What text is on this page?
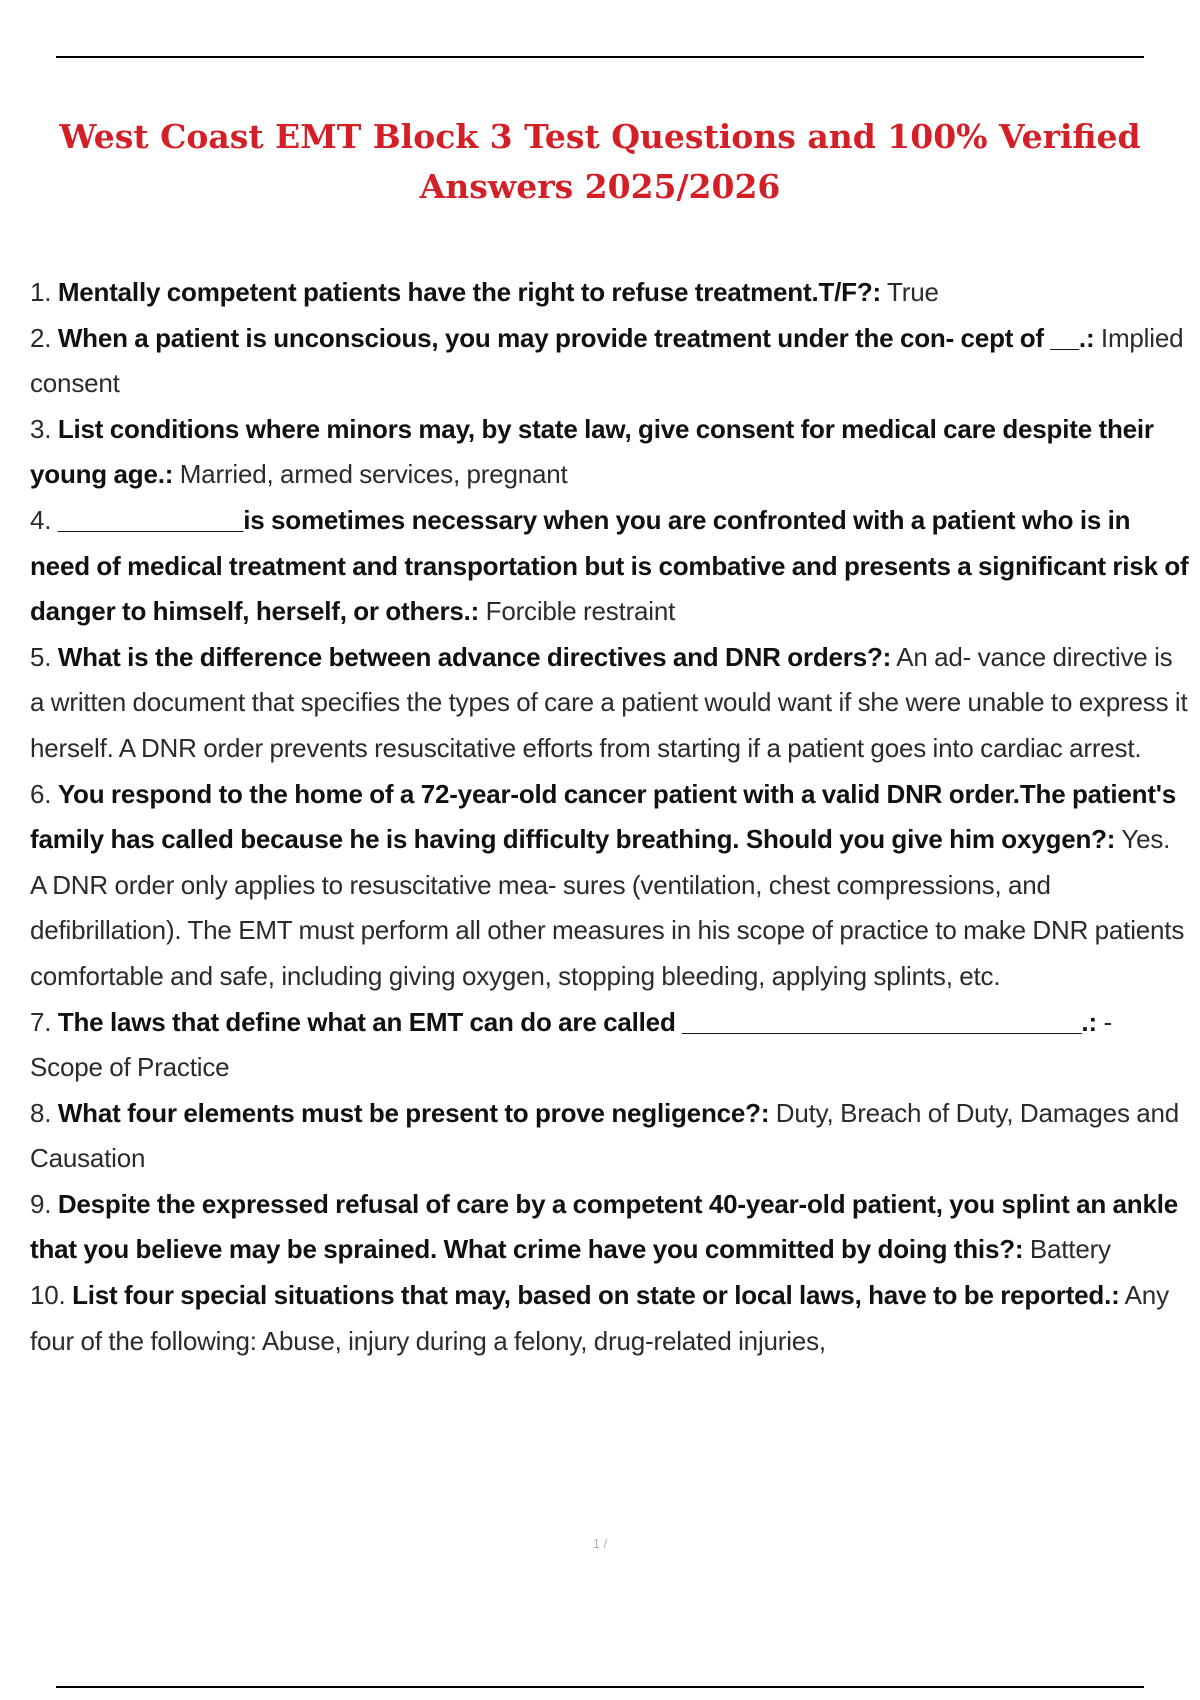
West Coast EMT Block 3 Test Questions and 100% Verified Answers 2025/2026

1. Mentally competent patients have the right to refuse treatment.T/F?: True

2. When a patient is unconscious, you may provide treatment under the con- cept of __.: Implied consent

3. List conditions where minors may, by state law, give consent for medical care despite their young age.: Married, armed services, pregnant

4. _____________is sometimes necessary when you are confronted with a patient who is in need of medical treatment and transportation but is combative and presents a significant risk of danger to himself, herself, or others.: Forcible restraint

5. What is the difference between advance directives and DNR orders?: An ad- vance directive is a written document that specifies the types of care a patient would want if she were unable to express it herself. A DNR order prevents resuscitative efforts from starting if a patient goes into cardiac arrest.

6. You respond to the home of a 72-year-old cancer patient with a valid DNR order.The patient's family has called because he is having difficulty breathing. Should you give him oxygen?: Yes. A DNR order only applies to resuscitative mea- sures (ventilation, chest compressions, and defibrillation). The EMT must perform all other measures in his scope of practice to make DNR patients comfortable and safe, including giving oxygen, stopping bleeding, applying splints, etc.

7. The laws that define what an EMT can do are called ____________________________.: - Scope of Practice

8. What four elements must be present to prove negligence?: Duty, Breach of Duty, Damages and Causation

9. Despite the expressed refusal of care by a competent 40-year-old patient, you splint an ankle that you believe may be sprained. What crime have you committed by doing this?: Battery

10. List four special situations that may, based on state or local laws, have to be reported.: Any four of the following: Abuse, injury during a felony, drug-related injuries,

1 /
